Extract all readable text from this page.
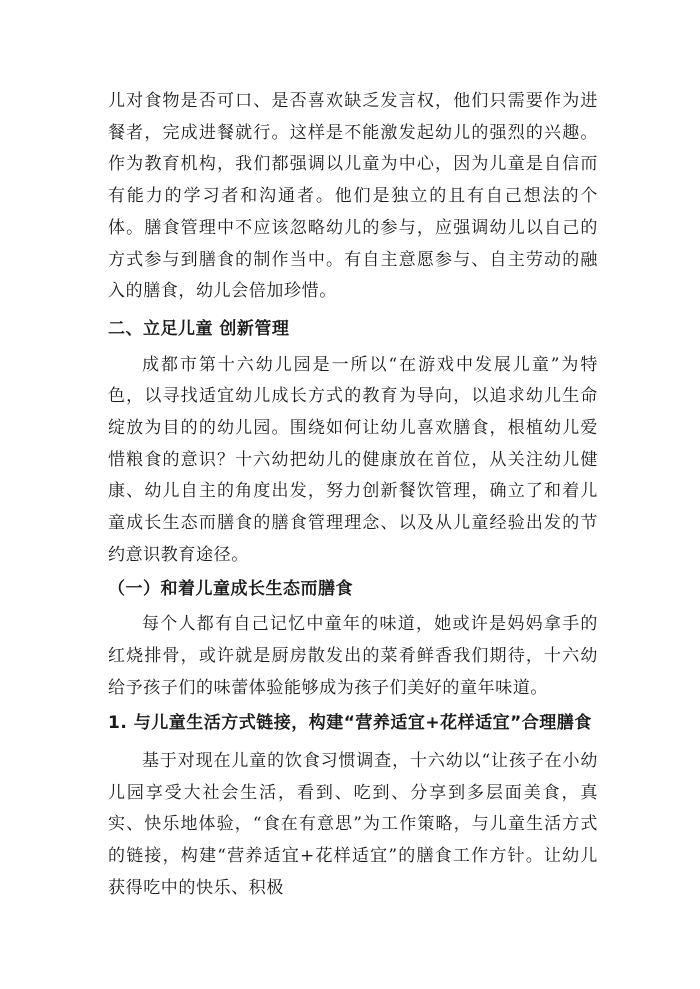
儿对食物是否可口、是否喜欢缺乏发言权，他们只需要作为进餐者，完成进餐就行。这样是不能激发起幼儿的强烈的兴趣。作为教育机构，我们都强调以儿童为中心，因为儿童是自信而有能力的学习者和沟通者。他们是独立的且有自己想法的个体。膳食管理中不应该忽略幼儿的参与，应强调幼儿以自己的方式参与到膳食的制作当中。有自主意愿参与、自主劳动的融入的膳食，幼儿会倍加珍惜。

二、立足儿童 创新管理

成都市第十六幼儿园是一所以“在游戏中发展儿童”为特色，以寻找适宜幼儿成长方式的教育为导向，以追求幼儿生命绽放为目的的幼儿园。围绕如何让幼儿喜欢膳食，根植幼儿爱惜粮食的意识？十六幼把幼儿的健康放在首位，从关注幼儿健康、幼儿自主的角度出发，努力创新餐饮管理，确立了和着儿童成长生态而膳食的膳食管理理念、以及从儿童经验出发的节约意识教育途径。

（一）和着儿童成长生态而膳食

每个人都有自己记忆中童年的味道，她或许是妈妈拿手的红烧排骨，或许就是厨房散发出的菜肴鲜香我们期待，十六幼给予孩子们的味蕾体验能够成为孩子们美好的童年味道。

1. 与儿童生活方式链接，构建“营养适宜+花样适宜”合理膳食

基于对现在儿童的饮食习惯调查，十六幼以“让孩子在小幼儿园享受大社会生活，看到、吃到、分享到多层面美食，真实、快乐地体验，“食在有意思”为工作策略，与儿童生活方式的链接，构建“营养适宜+花样适宜”的膳食工作方针。让幼儿获得吃中的快乐、积极
